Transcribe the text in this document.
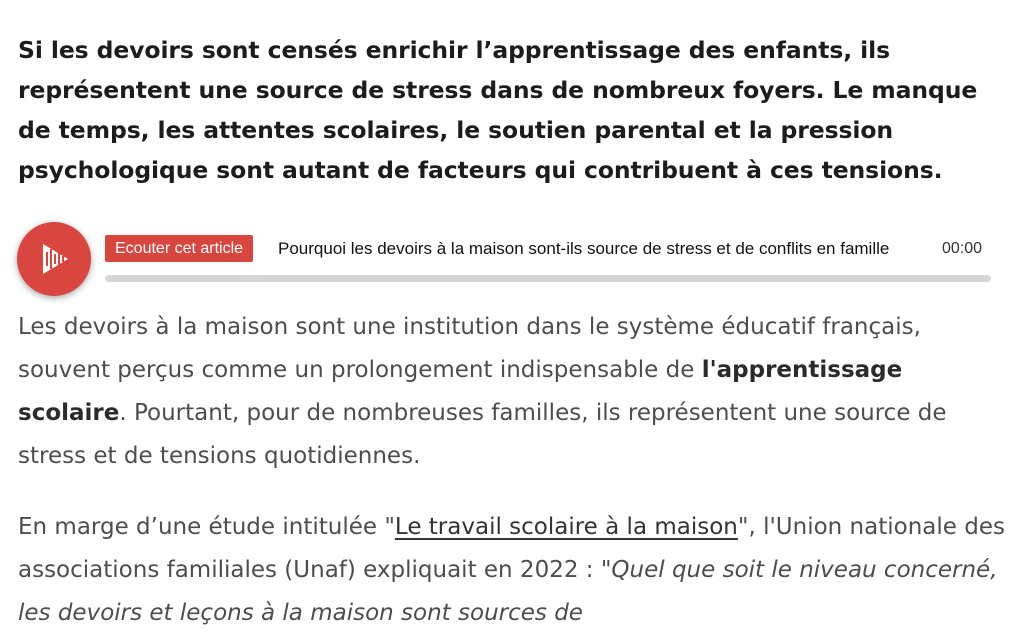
Si les devoirs sont censés enrichir l’apprentissage des enfants, ils représentent une source de stress dans de nombreux foyers. Le manque de temps, les attentes scolaires, le soutien parental et la pression psychologique sont autant de facteurs qui contribuent à ces tensions.

Ecouter cet article	Pourquoi les devoirs à la maison sont-ils source de stress et de conflits en famille	00:00

Les devoirs à la maison sont une institution dans le système éducatif français, souvent perçus comme un prolongement indispensable de l'apprentissage scolaire. Pourtant, pour de nombreuses familles, ils représentent une source de stress et de tensions quotidiennes.

En marge d’une étude intitulée "Le travail scolaire à la maison", l'Union nationale des associations familiales (Unaf) expliquait en 2022 : "Quel que soit le niveau concerné, les devoirs et leçons à la maison sont sources de
